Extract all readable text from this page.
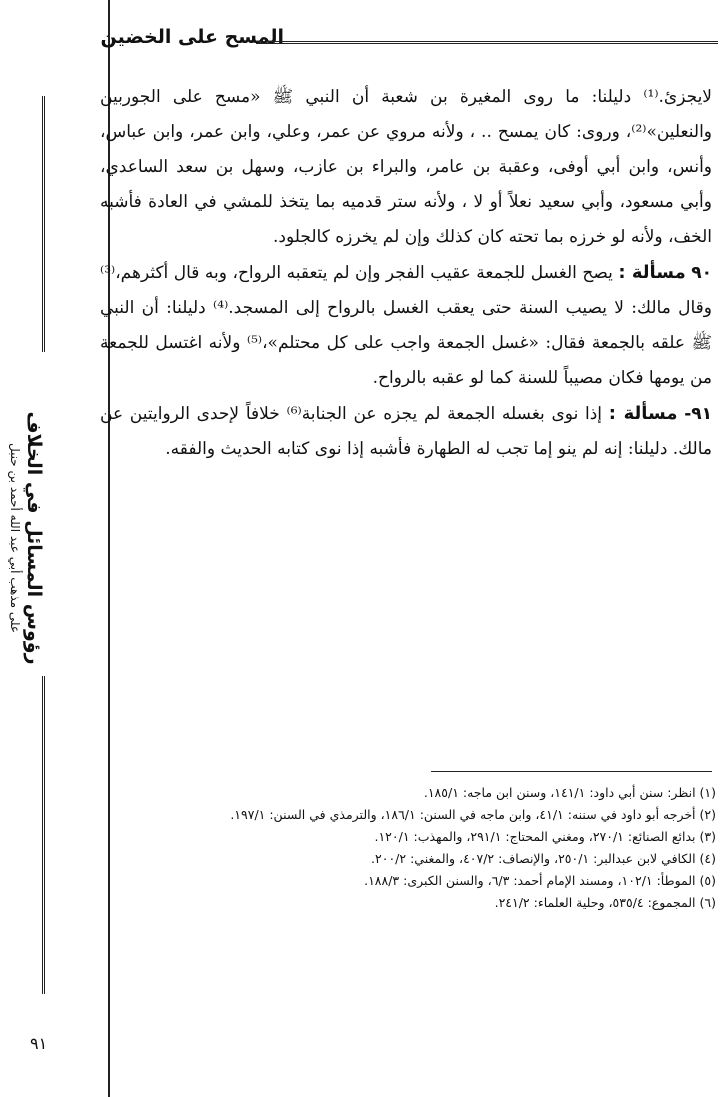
المسح على الخضين
رؤوس المسائل في الخلاف
على مذهب أبي عبد الله أحمد بن حنبل

لايجزئ.⁽¹⁾ دليلنا: ما روى المغيرة بن شعبة أن النبي ﷺ «مسح على الجوربين والنعلين»⁽²⁾، وروى: كان يمسح .. ، ولأنه مروي عن عمر، وعلي، وابن عمر، وابن عباس، وأنس، وابن أبي أوفى، وعقبة بن عامر، والبراء بن عازب، وسهل بن سعد الساعدي، وأبي مسعود، وأبي سعيد نعلاً أو لا ، ولأنه ستر قدميه بما يتخذ للمشي في العادة فأشبه الخف، ولأنه لو خرزه بما تحته كان كذلك وإن لم يخرزه كالجلود.

٩٠ مسألة : يصح الغسل للجمعة عقيب الفجر وإن لم يتعقبه الرواح، وبه قال أكثرهم،⁽³⁾ وقال مالك: لا يصيب السنة حتى يعقب الغسل بالرواح إلى المسجد.⁽⁴⁾ دليلنا: أن النبي ﷺ علقه بالجمعة فقال: «غسل الجمعة واجب على كل محتلم»،⁽⁵⁾ ولأنه اغتسل للجمعة من يومها فكان مصيباً للسنة كما لو عقبه بالرواح.

٩١- مسألة : إذا نوى بغسله الجمعة لم يجزه عن الجنابة⁽⁶⁾ خلافاً لإحدى الروايتين عن مالك. دليلنا: إنه لم ينو إما تجب له الطهارة فأشبه إذا نوى كتابه الحديث والفقه.

(١) انظر: سنن أبي داود: ١٤١/١، وسنن ابن ماجه: ١٨٥/١.
(٢) أخرجه أبو داود في سننه: ٤١/١، وابن ماجه في السنن: ١٨٦/١، والترمذي في السنن: ١٩٧/١.
(٣) بدائع الصنائع: ٢٧٠/١، ومغني المحتاج: ٢٩١/١، والمهذب: ١٢٠/١.
(٤) الكافي لابن عبدالبر: ٢٥٠/١، والإنصاف: ٤٠٧/٢، والمغني: ٢٠٠/٢.
(٥) الموطأ: ١٠٢/١، ومسند الإمام أحمد: ٦/٣، والسنن الكبرى: ١٨٨/٣.
(٦) المجموع: ٥٣٥/٤، وحلية العلماء: ٢٤١/٢.
٩١
